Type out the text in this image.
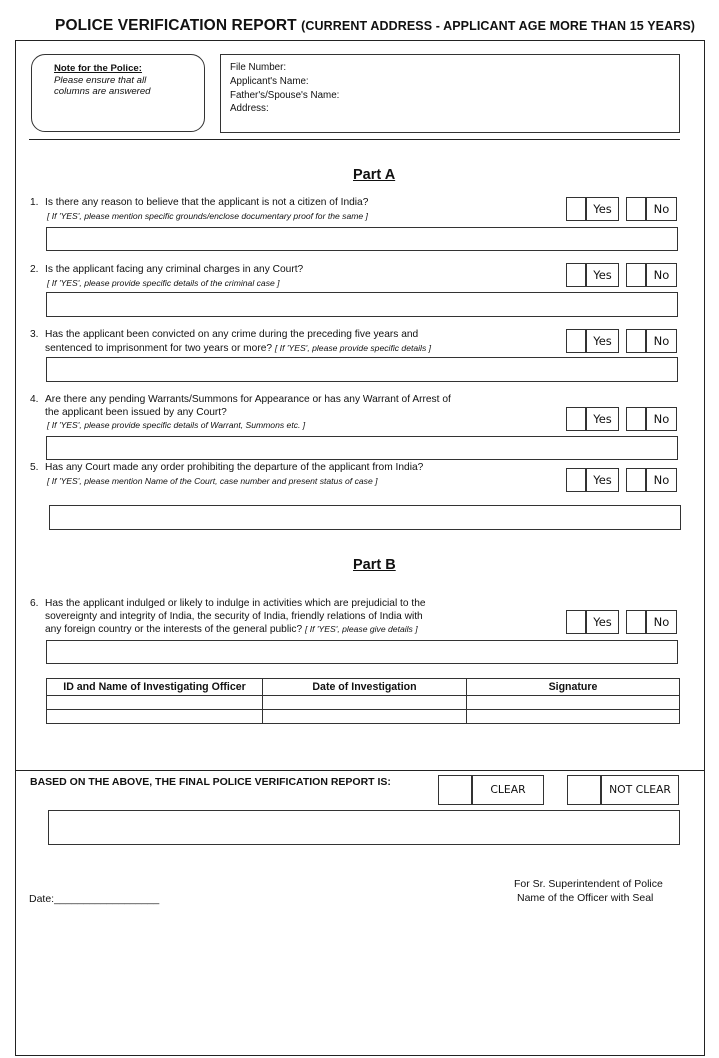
POLICE VERIFICATION REPORT (CURRENT ADDRESS - APPLICANT AGE MORE THAN 15 YEARS)
Note for the Police:
Please ensure that all
columns are answered
File Number:
Applicant's Name:
Father's/Spouse's Name:
Address:
Part A
1. Is there any reason to believe that the applicant is not a citizen of India?
[ If 'YES', please mention specific grounds/enclose documentary proof for the same ]	Yes	No
2. Is the applicant facing any criminal charges in any Court?
[ If 'YES', please provide specific details of the criminal case ]
Yes	No
3. Has the applicant been convicted on any crime during the preceding five years and
sentenced to imprisonment for two years or more? [ If 'YES', please provide specific details ]	Yes	No
4. Are there any pending Warrants/Summons for Appearance or has any Warrant of Arrest of
the applicant been issued by any Court?
[ If 'YES', please provide specific details of Warrant, Summons etc. ]	Yes	No
5. Has any Court made any order prohibiting the departure of the applicant from India?
[ If 'YES', please mention Name of the Court, case number and present status of case ]	Yes	No
Part B
6. Has the applicant indulged or likely to indulge in activities which are prejudicial to the
sovereignty and integrity of India, the security of India, friendly relations of India with
any foreign country or the interests of the general public? [ If 'YES', please give details ]
Yes	No
ID and Name of Investigating Officer	Date of Investigation	Signature

BASED ON THE ABOVE, THE FINAL POLICE VERIFICATION REPORT IS:
CLEAR	NOT CLEAR
For Sr. Superintendent of Police
Name of the Officer with Seal
Date:__________________
